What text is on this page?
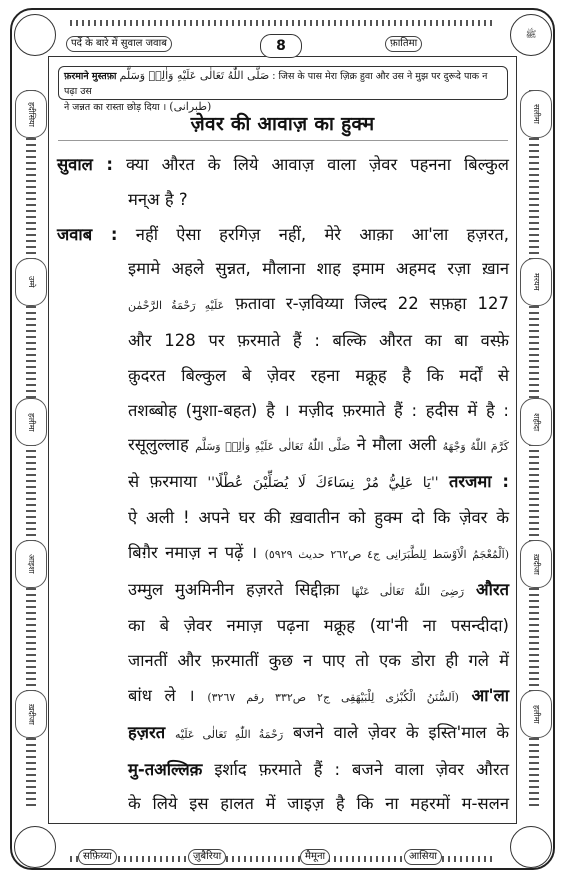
ﷺ
पर्दे के बारे में सुवाल जवाब	8	फ़ातिमा
हदीसिया
उम्मे
हलीमा
आइशा
ख़दीजा
सलीमा
मरयम
शहीदा
ख़दीजा
हलीमा
फ़रमाने मुस्तफ़ा صَلَّى اللّٰهُ تَعَالٰى عَلَيْهِ وَاٰلِهٖ وَسَلَّم : जिस के पास मेरा ज़िक्र हुवा और उस ने मुझ पर दुरूदे पाक न पढ़ा उस
ने जन्नत का रास्ता छोड़ दिया । (طبرانی)
ज़ेवर की आवाज़ का हुक्म
सुवाल : क्या औरत के लिये आवाज़ वाला ज़ेवर पहनना बिल्कुल
मन्अ है ?
जवाब : नहीं ऐसा हरगिज़ नहीं, मेरे आक़ा आ'ला हज़रत,
इमामे अहले सुन्नत, मौलाना शाह इमाम अहमद रज़ा ख़ान
عَلَيْهِ رَحْمَةُ الرَّحْمٰن फ़तावा र-ज़विय्या जिल्द 22 सफ़हा 127
और 128 पर फ़रमाते हैं : बल्कि औरत का बा वस्फ़े
क़ुदरत बिल्कुल बे ज़ेवर रहना मक्रूह है कि मर्दों से
तशब्बोह (मुशा-बहत) है । मज़ीद फ़रमाते हैं : हदीस में है :
रसूलुल्लाह صَلَّى اللّٰهُ تَعَالٰى عَلَيْهِ وَاٰلِهٖ وَسَلَّم ने मौला अली كَرَّمَ اللّٰهُ وَجْهَهُ
से फ़रमाया ''يَا عَلِيُّ مُرْ نِسَاءَكَ لَا يُصَلِّيْنَ عُطْلًا'' तरजमा :
ऐ अली ! अपने घर की ख़वातीन को हुक्म दो कि ज़ेवर के
बिग़ैर नमाज़ न पढ़ें । (اَلْمُعْجَمُ الْاَوْسَط لِلطَّبَرَانِی ج٤ ص٢٦٢ حديث ٥٩٢٩)
उम्मुल मुअमिनीन हज़रते सिद्दीक़ा رَضِىَ اللّٰهُ تَعَالٰى عَنْهَا औरत
का बे ज़ेवर नमाज़ पढ़ना मक्रूह (या'नी ना पसन्दीदा)
जानतीं और फ़रमातीं कुछ न पाए तो एक डोरा ही गले में
बांध ले । (اَلسُّنَنُ الْكُبْرٰى لِلْبَيْهَقِى ج٢ ص٣٣٢ رقم ٣٢٦٧) आ'ला
हज़रत رَحْمَةُ اللّٰهِ تَعَالٰى عَلَيْه बजने वाले ज़ेवर के इस्ति'माल के
मु-तअल्लिक़ इर्शाद फ़रमाते हैं : बजने वाला ज़ेवर औरत
के लिये इस हालत में जाइज़ है कि ना महरमों म-सलन
सफ़िय्या	ज़ुबैरिया	मैमूना	आसिया
